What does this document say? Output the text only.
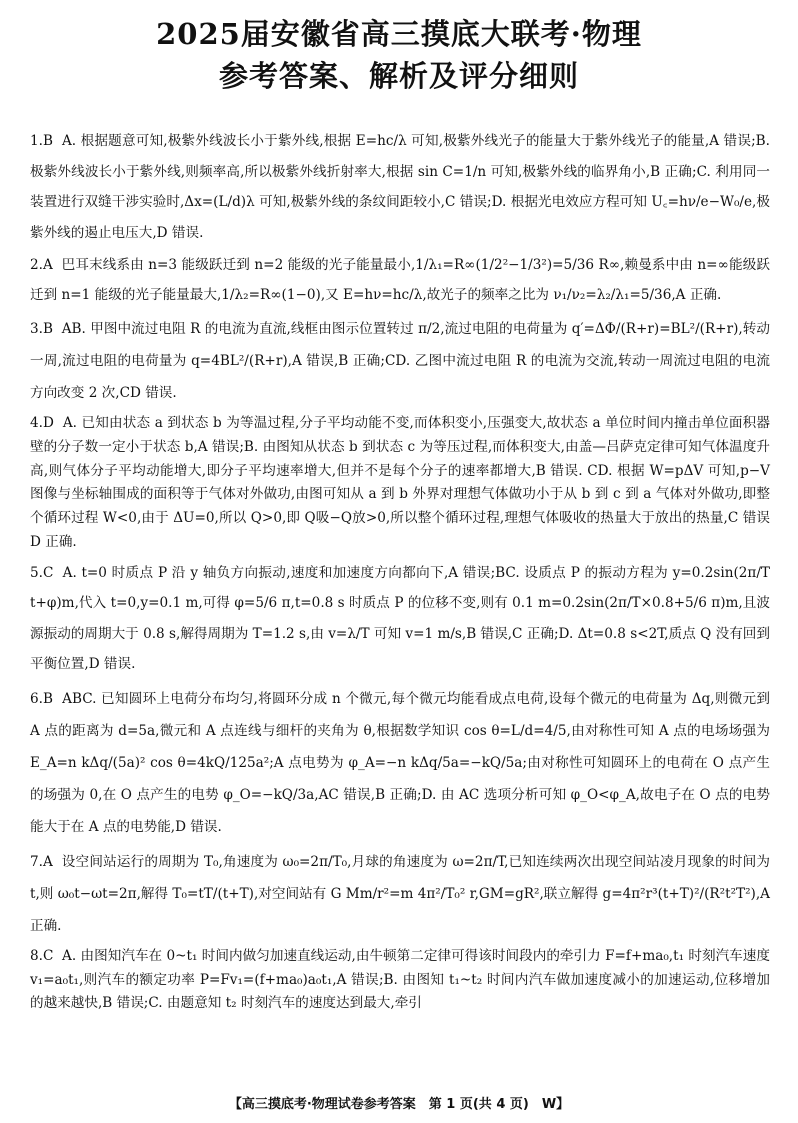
2025届安徽省高三摸底大联考·物理
参考答案、解析及评分细则
1.B A. 根据题意可知,极紫外线波长小于紫外线,根据 E=hc/λ 可知,极紫外线光子的能量大于紫外线光子的能量,A 错误;B. 极紫外线波长小于紫外线,则频率高,所以极紫外线折射率大,根据 sin C=1/n 可知,极紫外线的临界角小,B 正确;C. 利用同一装置进行双缝干涉实验时,Δx=(L/d)λ 可知,极紫外线的条纹间距较小,C 错误;D. 根据光电效应方程可知 U꜀=hν/e−W₀/e,极紫外线的遏止电压大,D 错误.
2.A 巴耳末线系由 n=3 能级跃迁到 n=2 能级的光子能量最小,1/λ₁=R∞(1/2²−1/3²)=5/36 R∞,赖曼系中由 n=∞能级跃迁到 n=1 能级的光子能量最大,1/λ₂=R∞(1−0),又 E=hν=hc/λ,故光子的频率之比为 ν₁/ν₂=λ₂/λ₁=5/36,A 正确.
3.B AB. 甲图中流过电阻 R 的电流为直流,线框由图示位置转过 π/2,流过电阻的电荷量为 q′=ΔΦ/(R+r)=BL²/(R+r),转动一周,流过电阻的电荷量为 q=4BL²/(R+r),A 错误,B 正确;CD. 乙图中流过电阻 R 的电流为交流,转动一周流过电阻的电流方向改变 2 次,CD 错误.
4.D A. 已知由状态 a 到状态 b 为等温过程,分子平均动能不变,而体积变小,压强变大,故状态 a 单位时间内撞击单位面积器壁的分子数一定小于状态 b,A 错误;B. 由图知从状态 b 到状态 c 为等压过程,而体积变大,由盖—吕萨克定律可知气体温度升高,则气体分子平均动能增大,即分子平均速率增大,但并不是每个分子的速率都增大,B 错误. CD. 根据 W=pΔV 可知,p−V 图像与坐标轴围成的面积等于气体对外做功,由图可知从 a 到 b 外界对理想气体做功小于从 b 到 c 到 a 气体对外做功,即整个循环过程 W<0,由于 ΔU=0,所以 Q>0,即 Q吸−Q放>0,所以整个循环过程,理想气体吸收的热量大于放出的热量,C 错误 D 正确.
5.C A. t=0 时质点 P 沿 y 轴负方向振动,速度和加速度方向都向下,A 错误;BC. 设质点 P 的振动方程为 y=0.2sin(2π/T t+φ)m,代入 t=0,y=0.1 m,可得 φ=5/6 π,t=0.8 s 时质点 P 的位移不变,则有 0.1 m=0.2sin(2π/T×0.8+5/6 π)m,且波源振动的周期大于 0.8 s,解得周期为 T=1.2 s,由 v=λ/T 可知 v=1 m/s,B 错误,C 正确;D. Δt=0.8 s<2T,质点 Q 没有回到平衡位置,D 错误.
6.B ABC. 已知圆环上电荷分布均匀,将圆环分成 n 个微元,每个微元均能看成点电荷,设每个微元的电荷量为 Δq,则微元到 A 点的距离为 d=5a,微元和 A 点连线与细杆的夹角为 θ,根据数学知识 cos θ=L/d=4/5,由对称性可知 A 点的电场场强为 E_A=n kΔq/(5a)² cos θ=4kQ/125a²;A 点电势为 φ_A=−n kΔq/5a=−kQ/5a;由对称性可知圆环上的电荷在 O 点产生的场强为 0,在 O 点产生的电势 φ_O=−kQ/3a,AC 错误,B 正确;D. 由 AC 选项分析可知 φ_O<φ_A,故电子在 O 点的电势能大于在 A 点的电势能,D 错误.
7.A 设空间站运行的周期为 T₀,角速度为 ω₀=2π/T₀,月球的角速度为 ω=2π/T,已知连续两次出现空间站凌月现象的时间为 t,则 ω₀t−ωt=2π,解得 T₀=tT/(t+T),对空间站有 G Mm/r²=m 4π²/T₀² r,GM=gR²,联立解得 g=4π²r³(t+T)²/(R²t²T²),A 正确.
8.C A. 由图知汽车在 0~t₁ 时间内做匀加速直线运动,由牛顿第二定律可得该时间段内的牵引力 F=f+ma₀,t₁ 时刻汽车速度 v₁=a₀t₁,则汽车的额定功率 P=Fv₁=(f+ma₀)a₀t₁,A 错误;B. 由图知 t₁~t₂ 时间内汽车做加速度减小的加速运动,位移增加的越来越快,B 错误;C. 由题意知 t₂ 时刻汽车的速度达到最大,牵引
【高三摸底考·物理试卷参考答案　第 1 页(共 4 页)　W】
